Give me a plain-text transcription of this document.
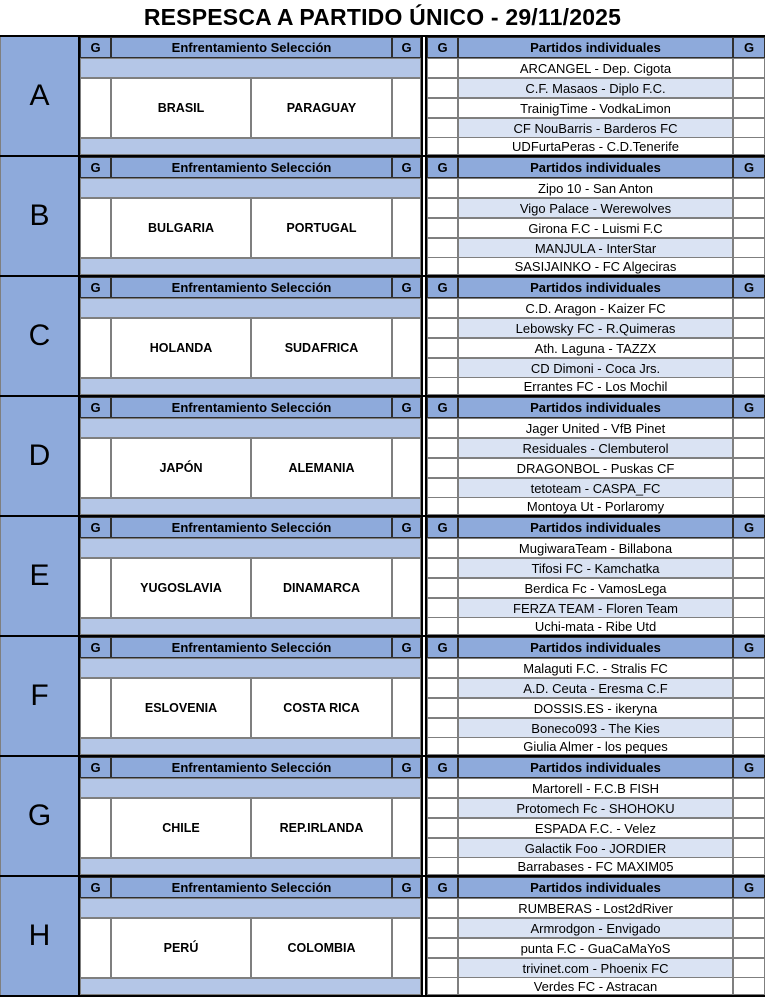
RESPESCA A PARTIDO ÚNICO - 29/11/2025
A
G	Enfrentamiento Selección	G
BRASIL	PARAGUAY
G	Partidos individuales	G
ARCANGEL - Dep. Cigota
C.F. Masaos - Diplo F.C.
TrainigTime - VodkaLimon
CF NouBarris - Barderos FC
UDFurtaPeras - C.D.Tenerife
B
G	Enfrentamiento Selección	G
BULGARIA	PORTUGAL
G	Partidos individuales	G
Zipo 10 - San Anton
Vigo Palace - Werewolves
Girona F.C - Luismi F.C
MANJULA - InterStar
SASIJAINKO - FC Algeciras
C
G	Enfrentamiento Selección	G
HOLANDA	SUDAFRICA
G	Partidos individuales	G
C.D. Aragon - Kaizer FC
Lebowsky FC - R.Quimeras
Ath. Laguna - TAZZX
CD Dimoni - Coca Jrs.
Errantes FC - Los Mochil
D
G	Enfrentamiento Selección	G
JAPÓN	ALEMANIA
G	Partidos individuales	G
Jager United - VfB Pinet
Residuales - Clembuterol
DRAGONBOL - Puskas CF
tetoteam - CASPA_FC
Montoya Ut - Porlaromy
E
G	Enfrentamiento Selección	G
YUGOSLAVIA	DINAMARCA
G	Partidos individuales	G
MugiwaraTeam - Billabona
Tifosi FC - Kamchatka
Berdica Fc - VamosLega
FERZA TEAM - Floren Team
Uchi-mata - Ribe Utd
F
G	Enfrentamiento Selección	G
ESLOVENIA	COSTA RICA
G	Partidos individuales	G
Malaguti F.C. - Stralis FC
A.D. Ceuta - Eresma C.F
DOSSIS.ES - ikeryna
Boneco093 - The Kies
Giulia Almer - los peques
G
G	Enfrentamiento Selección	G
CHILE	REP.IRLANDA
G	Partidos individuales	G
Martorell - F.C.B FISH
Protomech Fc - SHOHOKU
ESPADA F.C. - Velez
Galactik Foo - JORDIER
Barrabases - FC MAXIM05
H
G	Enfrentamiento Selección	G
PERÚ	COLOMBIA
G	Partidos individuales	G
RUMBERAS - Lost2dRiver
Armrodgon - Envigado
punta F.C - GuaCaMaYoS
trivinet.com - Phoenix FC
Verdes FC - Astracan
